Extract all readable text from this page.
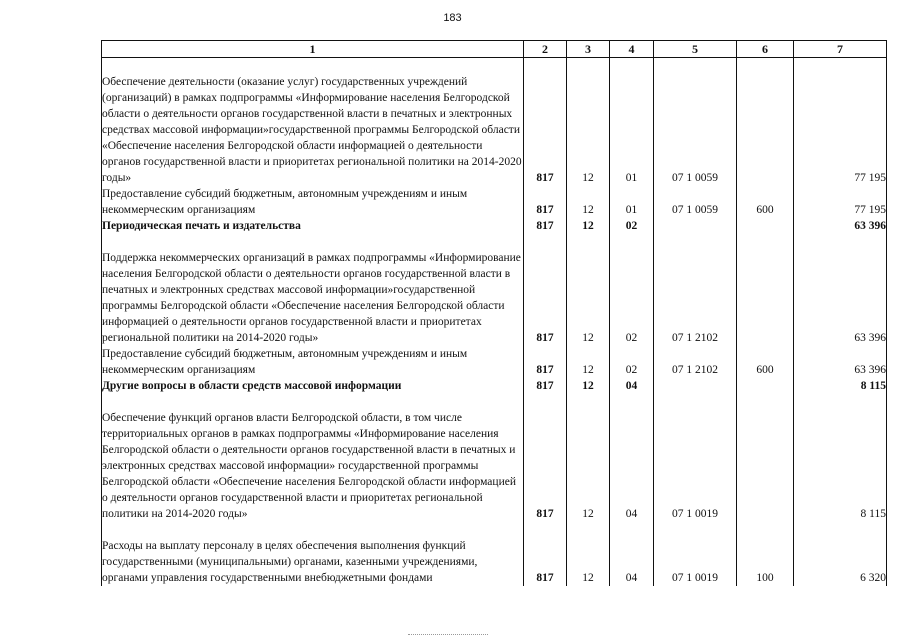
183
1	2	3	4	5	6	7
Обеспечение деятельности (оказание услуг) государственных учреждений (организаций) в рамках подпрограммы «Информирование населения Белгородской области о деятельности органов государственной власти в печатных и электронных средствах массовой информации»государственной программы Белгородской области «Обеспечение населения Белгородской области информацией о деятельности органов государственной власти и приоритетах региональной политики на 2014-2020 годы»	817	12	01	07 1 0059		77 195
Предоставление субсидий бюджетным, автономным учреждениям и иным некоммерческим организациям	817	12	01	07 1 0059	600	77 195
Периодическая печать и издательства	817	12	02			63 396
Поддержка некоммерческих организаций в рамках подпрограммы «Информирование населения Белгородской области о деятельности органов государственной власти в печатных и электронных средствах массовой информации»государственной программы Белгородской области «Обеспечение населения Белгородской области информацией о деятельности органов государственной власти и приоритетах региональной политики на 2014-2020 годы»	817	12	02	07 1 2102		63 396
Предоставление субсидий бюджетным, автономным учреждениям и иным некоммерческим организациям	817	12	02	07 1 2102	600	63 396
Другие вопросы в области средств массовой информации	817	12	04			8 115
Обеспечение функций органов власти Белгородской области, в том числе территориальных органов в рамках подпрограммы «Информирование населения Белгородской области о деятельности органов государственной власти в печатных и электронных средствах массовой информации» государственной программы Белгородской области «Обеспечение населения Белгородской области информацией о деятельности органов государственной власти и приоритетах региональной политики на 2014-2020 годы»	817	12	04	07 1 0019		8 115
Расходы на выплату персоналу в целях обеспечения выполнения функций государственными (муниципальными) органами, казенными учреждениями, органами управления государственными внебюджетными фондами	817	12	04	07 1 0019	100	6 320
